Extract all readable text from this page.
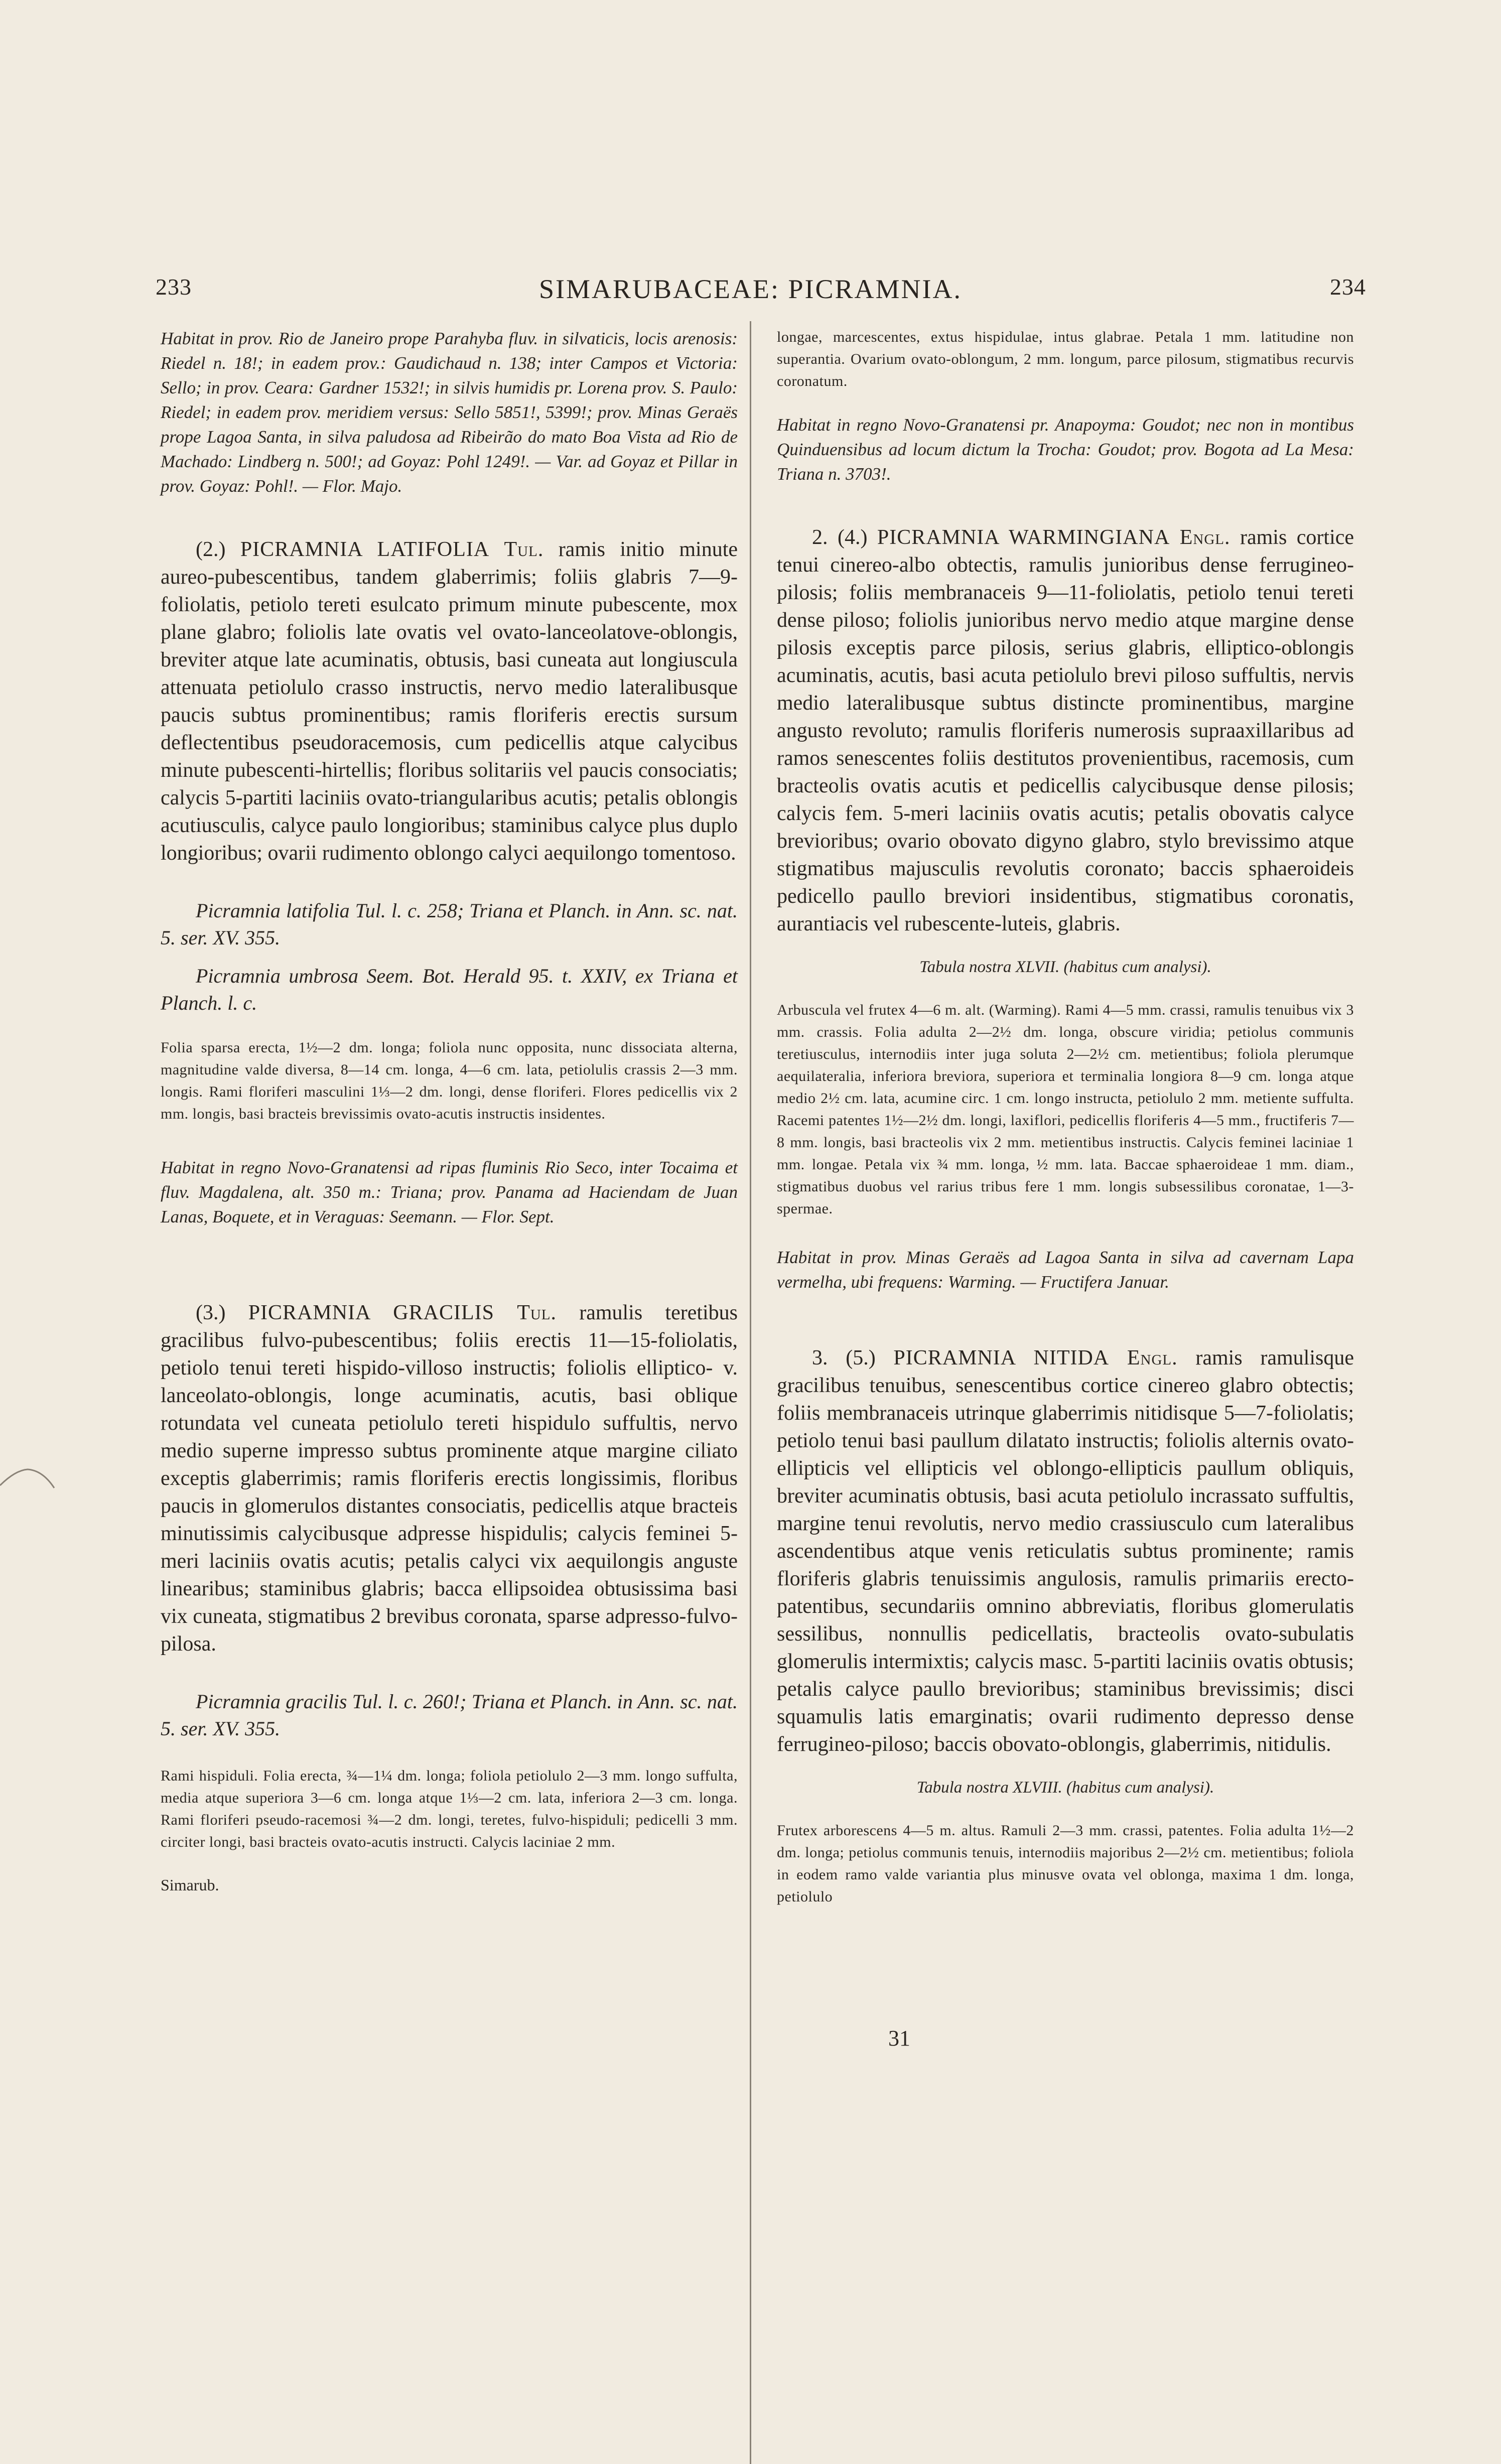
233	SIMARUBACEAE: PICRAMNIA.	234

Habitat in prov. Rio de Janeiro prope Parahyba fluv. in silvaticis, locis arenosis: Riedel n. 18!; in eadem prov.: Gaudichaud n. 138; inter Campos et Victoria: Sello; in prov. Ceara: Gardner 1532!; in silvis humidis pr. Lorena prov. S. Paulo: Riedel; in eadem prov. meridiem versus: Sello 5851!, 5399!; prov. Minas Geraës prope Lagoa Santa, in silva paludosa ad Ribeirão do mato Boa Vista ad Rio de Machado: Lindberg n. 500!; ad Goyaz: Pohl 1249!. — Var. ad Goyaz et Pillar in prov. Goyaz: Pohl!. — Flor. Majo.

(2.) PICRAMNIA LATIFOLIA Tul. ramis initio minute aureo-pubescentibus, tandem glaberrimis; foliis glabris 7—9-foliolatis, petiolo tereti esulcato primum minute pubescente, mox plane glabro; foliolis late ovatis vel ovato-lanceolatove-oblongis, breviter atque late acuminatis, obtusis, basi cuneata aut longiuscula attenuata petiolulo crasso instructis, nervo medio lateralibusque paucis subtus prominentibus; ramis floriferis erectis sursum deflectentibus pseudoracemosis, cum pedicellis atque calycibus minute pubescenti-hirtellis; floribus solitariis vel paucis consociatis; calycis 5-partiti laciniis ovato-triangularibus acutis; petalis oblongis acutiusculis, calyce paulo longioribus; staminibus calyce plus duplo longioribus; ovarii rudimento oblongo calyci aequilongo tomentoso.

Picramnia latifolia Tul. l. c. 258; Triana et Planch. in Ann. sc. nat. 5. ser. XV. 355.

Picramnia umbrosa Seem. Bot. Herald 95. t. XXIV, ex Triana et Planch. l. c.

Folia sparsa erecta, 1½—2 dm. longa; foliola nunc opposita, nunc dissociata alterna, magnitudine valde diversa, 8—14 cm. longa, 4—6 cm. lata, petiolulis crassis 2—3 mm. longis. Rami floriferi masculini 1⅓—2 dm. longi, dense floriferi. Flores pedicellis vix 2 mm. longis, basi bracteis brevissimis ovato-acutis instructis insidentes.

Habitat in regno Novo-Granatensi ad ripas fluminis Rio Seco, inter Tocaima et fluv. Magdalena, alt. 350 m.: Triana; prov. Panama ad Haciendam de Juan Lanas, Boquete, et in Veraguas: Seemann. — Flor. Sept.

(3.) PICRAMNIA GRACILIS Tul. ramulis teretibus gracilibus fulvo-pubescentibus; foliis erectis 11—15-foliolatis, petiolo tenui tereti hispido-villoso instructis; foliolis elliptico- v. lanceolato-oblongis, longe acuminatis, acutis, basi oblique rotundata vel cuneata petiolulo tereti hispidulo suffultis, nervo medio superne impresso subtus prominente atque margine ciliato exceptis glaberrimis; ramis floriferis erectis longissimis, floribus paucis in glomerulos distantes consociatis, pedicellis atque bracteis minutissimis calycibusque adpresse hispidulis; calycis feminei 5-meri laciniis ovatis acutis; petalis calyci vix aequilongis anguste linearibus; staminibus glabris; bacca ellipsoidea obtusissima basi vix cuneata, stigmatibus 2 brevibus coronata, sparse adpresso-fulvo-pilosa.

Picramnia gracilis Tul. l. c. 260!; Triana et Planch. in Ann. sc. nat. 5. ser. XV. 355.

Rami hispiduli. Folia erecta, ¾—1¼ dm. longa; foliola petiolulo 2—3 mm. longo suffulta, media atque superiora 3—6 cm. longa atque 1⅓—2 cm. lata, inferiora 2—3 cm. longa. Rami floriferi pseudo-racemosi ¾—2 dm. longi, teretes, fulvo-hispiduli; pedicelli 3 mm. circiter longi, basi bracteis ovato-acutis instructi. Calycis laciniae 2 mm.

Simarub.

longae, marcescentes, extus hispidulae, intus glabrae. Petala 1 mm. latitudine non superantia. Ovarium ovato-oblongum, 2 mm. longum, parce pilosum, stigmatibus recurvis coronatum.

Habitat in regno Novo-Granatensi pr. Anapoyma: Goudot; nec non in montibus Quinduensibus ad locum dictum la Trocha: Goudot; prov. Bogota ad La Mesa: Triana n. 3703!.

2. (4.) PICRAMNIA WARMINGIANA Engl. ramis cortice tenui cinereo-albo obtectis, ramulis junioribus dense ferrugineo-pilosis; foliis membranaceis 9—11-foliolatis, petiolo tenui tereti dense piloso; foliolis junioribus nervo medio atque margine dense pilosis exceptis parce pilosis, serius glabris, elliptico-oblongis acuminatis, acutis, basi acuta petiolulo brevi piloso suffultis, nervis medio lateralibusque subtus distincte prominentibus, margine angusto revoluto; ramulis floriferis numerosis supraaxillaribus ad ramos senescentes foliis destitutos provenientibus, racemosis, cum bracteolis ovatis acutis et pedicellis calycibusque dense pilosis; calycis fem. 5-meri laciniis ovatis acutis; petalis obovatis calyce brevioribus; ovario obovato digyno glabro, stylo brevissimo atque stigmatibus majusculis revolutis coronato; baccis sphaeroideis pedicello paullo breviori insidentibus, stigmatibus coronatis, aurantiacis vel rubescente-luteis, glabris.

Tabula nostra XLVII. (habitus cum analysi).

Arbuscula vel frutex 4—6 m. alt. (Warming). Rami 4—5 mm. crassi, ramulis tenuibus vix 3 mm. crassis. Folia adulta 2—2½ dm. longa, obscure viridia; petiolus communis teretiusculus, internodiis inter juga soluta 2—2½ cm. metientibus; foliola plerumque aequilateralia, inferiora breviora, superiora et terminalia longiora 8—9 cm. longa atque medio 2½ cm. lata, acumine circ. 1 cm. longo instructa, petiolulo 2 mm. metiente suffulta. Racemi patentes 1½—2½ dm. longi, laxiflori, pedicellis floriferis 4—5 mm., fructiferis 7—8 mm. longis, basi bracteolis vix 2 mm. metientibus instructis. Calycis feminei laciniae 1 mm. longae. Petala vix ¾ mm. longa, ½ mm. lata. Baccae sphaeroideae 1 mm. diam., stigmatibus duobus vel rarius tribus fere 1 mm. longis subsessilibus coronatae, 1—3-spermae.

Habitat in prov. Minas Geraës ad Lagoa Santa in silva ad cavernam Lapa vermelha, ubi frequens: Warming. — Fructifera Januar.

3. (5.) PICRAMNIA NITIDA Engl. ramis ramulisque gracilibus tenuibus, senescentibus cortice cinereo glabro obtectis; foliis membranaceis utrinque glaberrimis nitidisque 5—7-foliolatis; petiolo tenui basi paullum dilatato instructis; foliolis alternis ovato-ellipticis vel ellipticis vel oblongo-ellipticis paullum obliquis, breviter acuminatis obtusis, basi acuta petiolulo incrassato suffultis, margine tenui revolutis, nervo medio crassiusculo cum lateralibus ascendentibus atque venis reticulatis subtus prominente; ramis floriferis glabris tenuissimis angulosis, ramulis primariis erecto-patentibus, secundariis omnino abbreviatis, floribus glomerulatis sessilibus, nonnullis pedicellatis, bracteolis ovato-subulatis glomerulis intermixtis; calycis masc. 5-partiti laciniis ovatis obtusis; petalis calyce paullo brevioribus; staminibus brevissimis; disci squamulis latis emarginatis; ovarii rudimento depresso dense ferrugineo-piloso; baccis obovato-oblongis, glaberrimis, nitidulis.

Tabula nostra XLVIII. (habitus cum analysi).

Frutex arborescens 4—5 m. altus. Ramuli 2—3 mm. crassi, patentes. Folia adulta 1½—2 dm. longa; petiolus communis tenuis, internodiis majoribus 2—2½ cm. metientibus; foliola in eodem ramo valde variantia plus minusve ovata vel oblonga, maxima 1 dm. longa, petiolulo

31
